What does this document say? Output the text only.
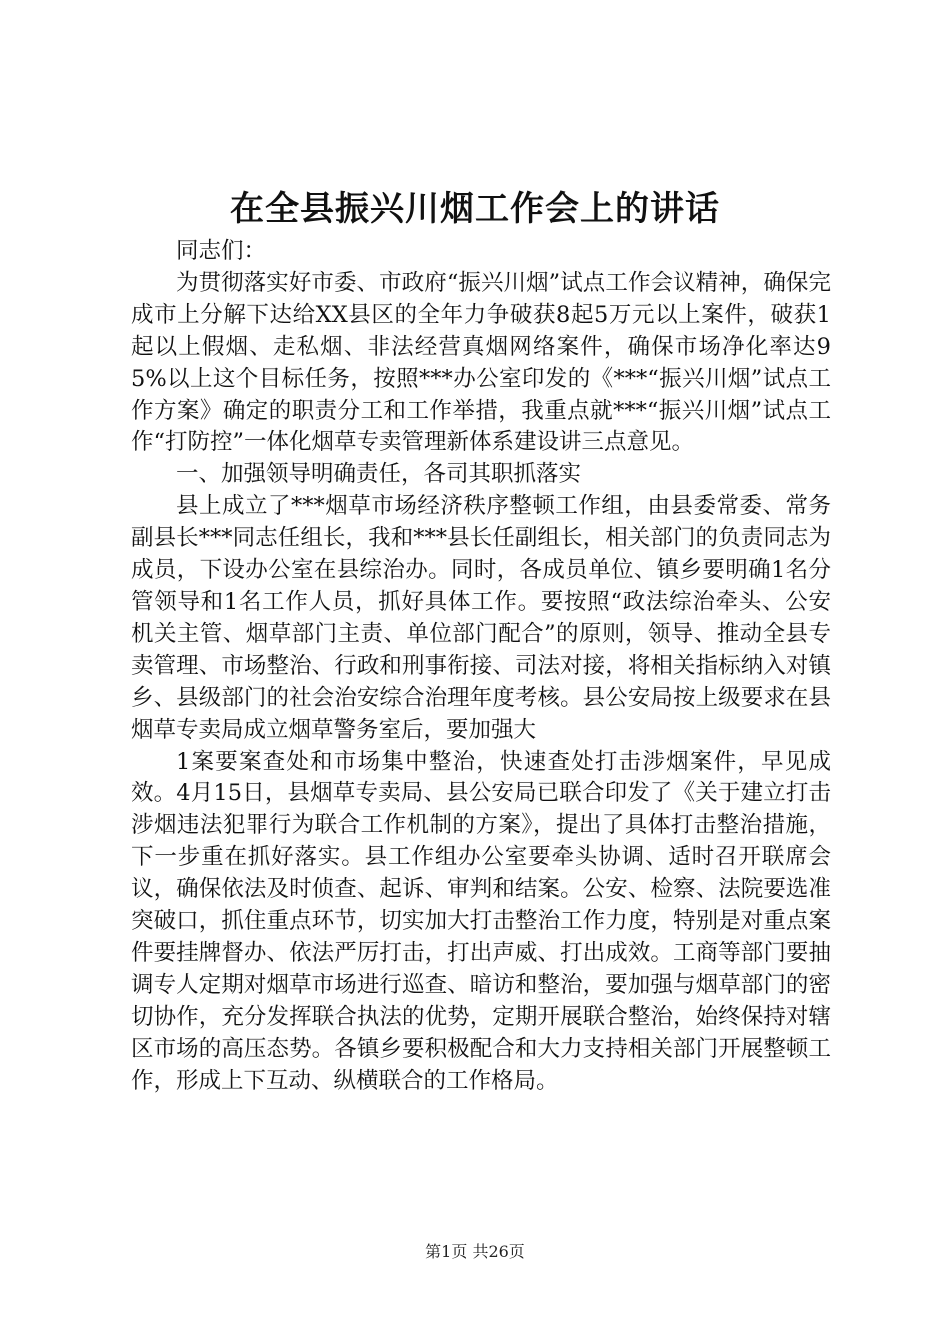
在全县振兴川烟工作会上的讲话

同志们：

为贯彻落实好市委、市政府“振兴川烟”试点工作会议精神，确保完成市上分解下达给XX县区的全年力争破获8起5万元以上案件，破获1起以上假烟、走私烟、非法经营真烟网络案件，确保市场净化率达95%以上这个目标任务，按照***办公室印发的《***“振兴川烟”试点工作方案》确定的职责分工和工作举措，我重点就***“振兴川烟”试点工作“打防控”一体化烟草专卖管理新体系建设讲三点意见。

一、加强领导明确责任，各司其职抓落实

县上成立了***烟草市场经济秩序整顿工作组，由县委常委、常务副县长***同志任组长，我和***县长任副组长，相关部门的负责同志为成员，下设办公室在县综治办。同时，各成员单位、镇乡要明确1名分管领导和1名工作人员，抓好具体工作。要按照“政法综治牵头、公安机关主管、烟草部门主责、单位部门配合”的原则，领导、推动全县专卖管理、市场整治、行政和刑事衔接、司法对接，将相关指标纳入对镇乡、县级部门的社会治安综合治理年度考核。县公安局按上级要求在县烟草专卖局成立烟草警务室后，要加强大

1案要案查处和市场集中整治，快速查处打击涉烟案件，早见成效。4月15日，县烟草专卖局、县公安局已联合印发了《关于建立打击涉烟违法犯罪行为联合工作机制的方案》，提出了具体打击整治措施，下一步重在抓好落实。县工作组办公室要牵头协调、适时召开联席会议，确保依法及时侦查、起诉、审判和结案。公安、检察、法院要选准突破口，抓住重点环节，切实加大打击整治工作力度，特别是对重点案件要挂牌督办、依法严厉打击，打出声威、打出成效。工商等部门要抽调专人定期对烟草市场进行巡查、暗访和整治，要加强与烟草部门的密切协作，充分发挥联合执法的优势，定期开展联合整治，始终保持对辖区市场的高压态势。各镇乡要积极配合和大力支持相关部门开展整顿工作，形成上下互动、纵横联合的工作格局。

第1页 共26页
